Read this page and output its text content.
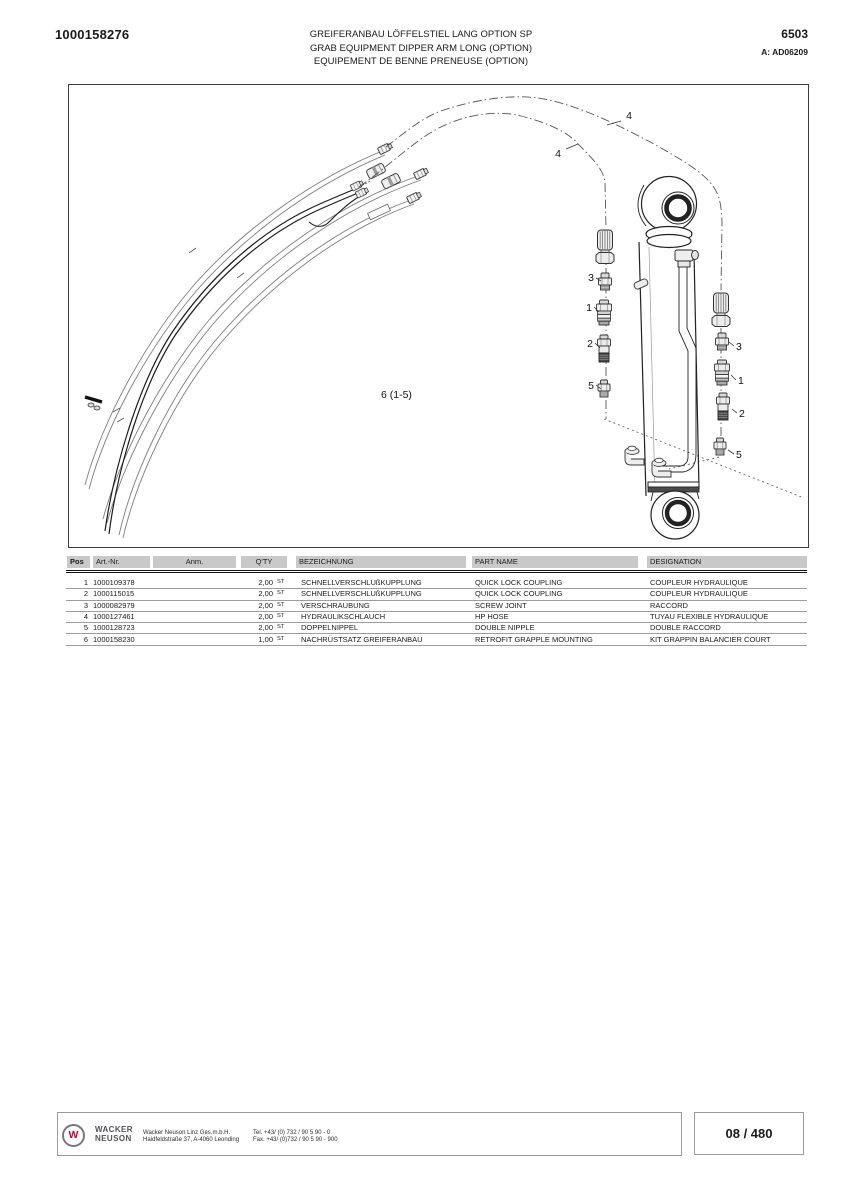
1000158276	GREIFERANBAU LÖFFELSTIEL LANG OPTION SP
GRAB EQUIPMENT DIPPER ARM LONG (OPTION)
EQUIPEMENT DE BENNE PRENEUSE (OPTION)
6503
A: AD06209
3
1
2
5
3
1
2
5
4
4
6 (1-5)
Pos	Art.-Nr.	Anm.	Q'TY	BEZEICHNUNG	PART NAME	DESIGNATION
1 1000109378	2,00 ST SCHNELLVERSCHLUßKUPPLUNG	QUICK LOCK COUPLING	COUPLEUR HYDRAULIQUE
2 1000115015	2,00 ST SCHNELLVERSCHLUßKUPPLUNG	QUICK LOCK COUPLING	COUPLEUR HYDRAULIQUE
3 1000082979	2,00 ST VERSCHRAUBUNG	SCREW JOINT	RACCORD
4 1000127461	2,00 ST HYDRAULIKSCHLAUCH	HP HOSE	TUYAU FLEXIBLE HYDRAULIQUE
5 1000128723	2,00 ST DOPPELNIPPEL	DOUBLE NIPPLE	DOUBLE RACCORD
6 1000158230	1,00 ST NACHRÜSTSATZ GREIFERANBAU	RETROFIT GRAPPLE MOUNTING	KIT GRAPPIN BALANCIER COURT
W	WACKER
NEUSON
Wacker Neuson Linz Ges.m.b.H.
Haidfeldstraße 37, A-4060 Leonding
Tel. +43/ (0) 732 / 90 5 90 - 0
Fax. +43/ (0)732 / 90 5 90 - 900	08 / 480
